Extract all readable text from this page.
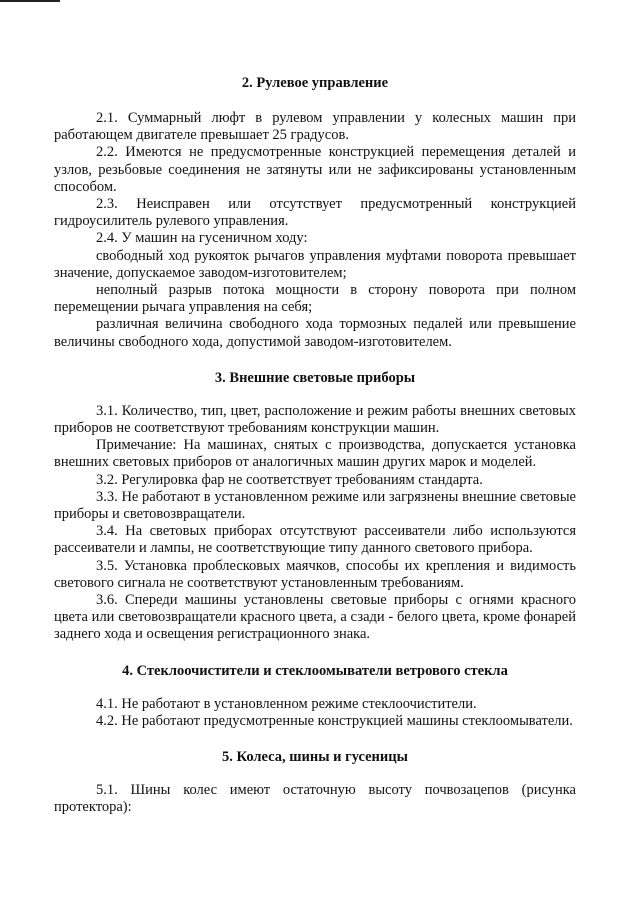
2. Рулевое управление

2.1. Суммарный люфт в рулевом управлении у колесных машин при работающем двигателе превышает 25 градусов.

2.2. Имеются не предусмотренные конструкцией перемещения деталей и узлов, резьбовые соединения не затянуты или не зафиксированы установленным способом.

2.3. Неисправен или отсутствует предусмотренный конструкцией гидроусилитель рулевого управления.

2.4. У машин на гусеничном ходу:

свободный ход рукояток рычагов управления муфтами поворота превышает значение, допускаемое заводом-изготовителем;

неполный разрыв потока мощности в сторону поворота при полном перемещении рычага управления на себя;

различная величина свободного хода тормозных педалей или превышение величины свободного хода, допустимой заводом-изготовителем.

3. Внешние световые приборы

3.1. Количество, тип, цвет, расположение и режим работы внешних световых приборов не соответствуют требованиям конструкции машин.

Примечание: На машинах, снятых с производства, допускается установка внешних световых приборов от аналогичных машин других марок и моделей.

3.2. Регулировка фар не соответствует требованиям стандарта.

3.3. Не работают в установленном режиме или загрязнены внешние световые приборы и световозвращатели.

3.4. На световых приборах отсутствуют рассеиватели либо используются рассеиватели и лампы, не соответствующие типу данного светового прибора.

3.5. Установка проблесковых маячков, способы их крепления и видимость светового сигнала не соответствуют установленным требованиям.

3.6. Спереди машины установлены световые приборы с огнями красного цвета или световозвращатели красного цвета, а сзади - белого цвета, кроме фонарей заднего хода и освещения регистрационного знака.

4. Стеклоочистители и стеклоомыватели ветрового стекла

4.1. Не работают в установленном режиме стеклоочистители.

4.2. Не работают предусмотренные конструкцией машины стеклоомыватели.

5. Колеса, шины и гусеницы

5.1. Шины колес имеют остаточную высоту почвозацепов (рисунка протектора):
